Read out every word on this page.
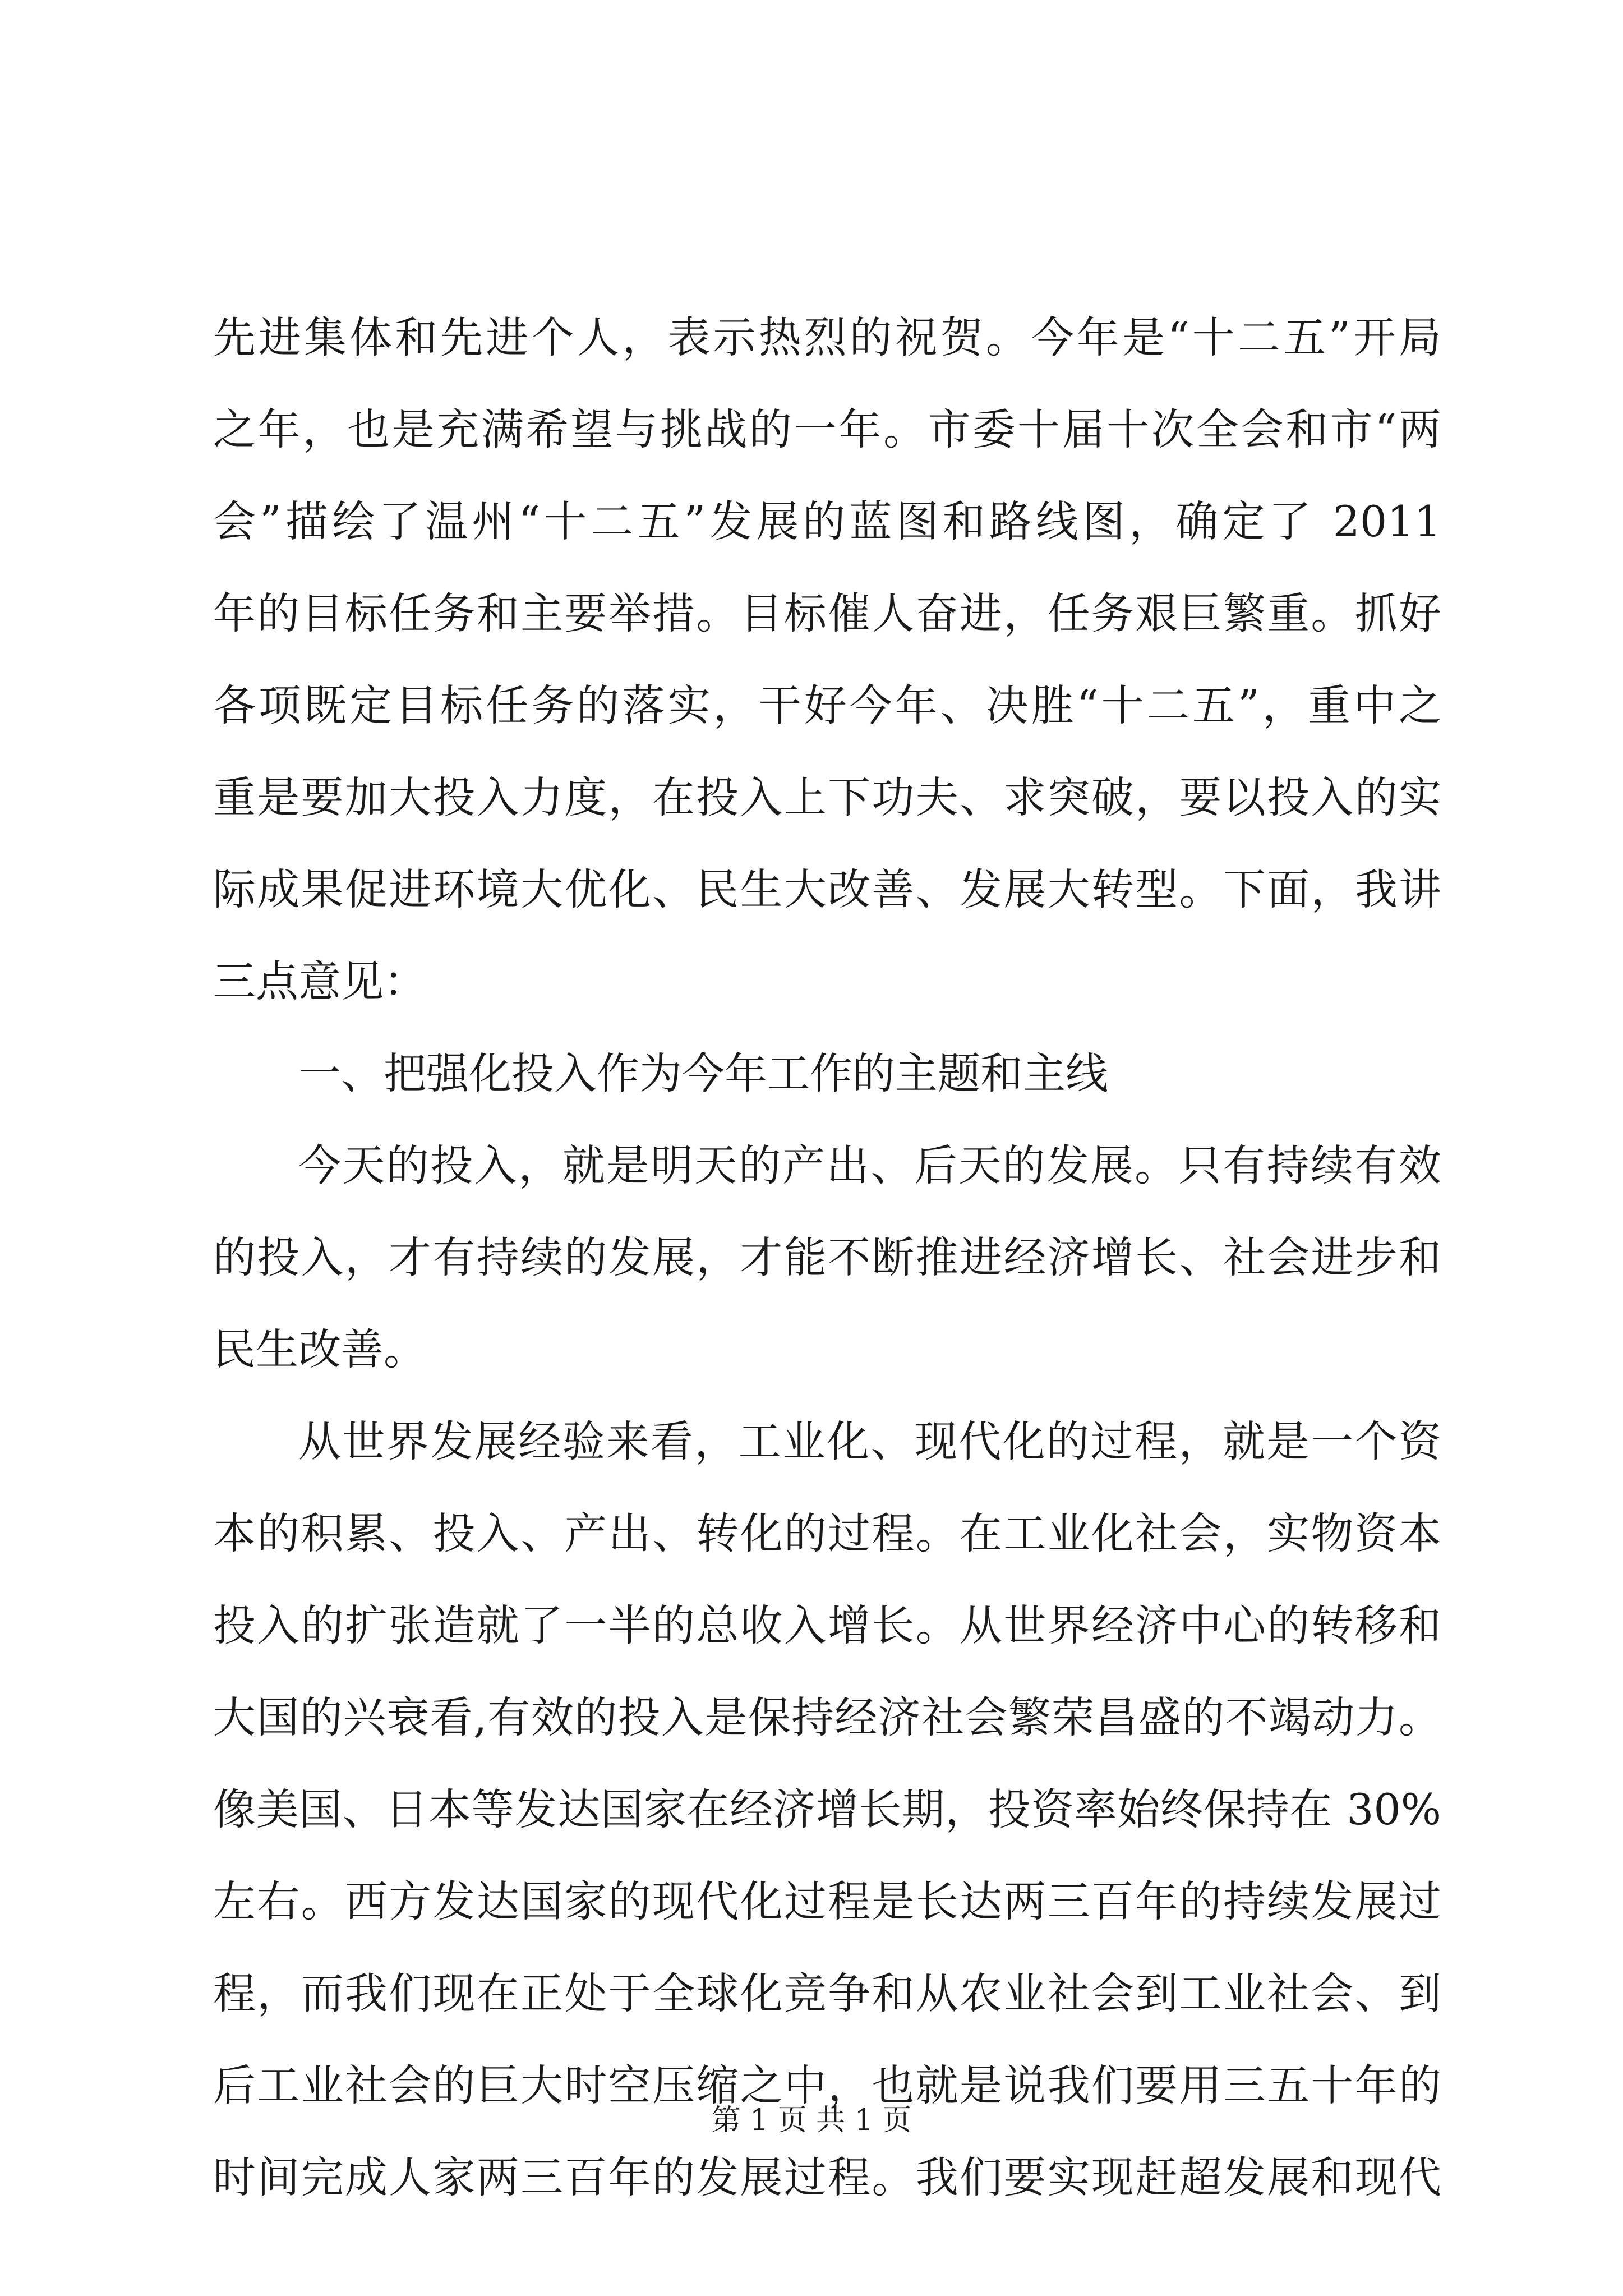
先进集体和先进个人，表示热烈的祝贺。今年是“十二五”开局
之年，也是充满希望与挑战的一年。市委十届十次全会和市“两
会”描绘了温州“十二五”发展的蓝图和路线图，确定了 2011
年的目标任务和主要举措。目标催人奋进，任务艰巨繁重。抓好
各项既定目标任务的落实，干好今年、决胜“十二五”，重中之
重是要加大投入力度，在投入上下功夫、求突破，要以投入的实
际成果促进环境大优化、民生大改善、发展大转型。下面，我讲
三点意见：
一、把强化投入作为今年工作的主题和主线
今天的投入，就是明天的产出、后天的发展。只有持续有效
的投入，才有持续的发展，才能不断推进经济增长、社会进步和
民生改善。
从世界发展经验来看，工业化、现代化的过程，就是一个资
本的积累、投入、产出、转化的过程。在工业化社会，实物资本
投入的扩张造就了一半的总收入增长。从世界经济中心的转移和
大国的兴衰看,有效的投入是保持经济社会繁荣昌盛的不竭动力。
像美国、日本等发达国家在经济增长期，投资率始终保持在 30%
左右。西方发达国家的现代化过程是长达两三百年的持续发展过
程，而我们现在正处于全球化竞争和从农业社会到工业社会、到
后工业社会的巨大时空压缩之中，也就是说我们要用三五十年的
时间完成人家两三百年的发展过程。我们要实现赶超发展和现代
第 1 页 共 1 页
